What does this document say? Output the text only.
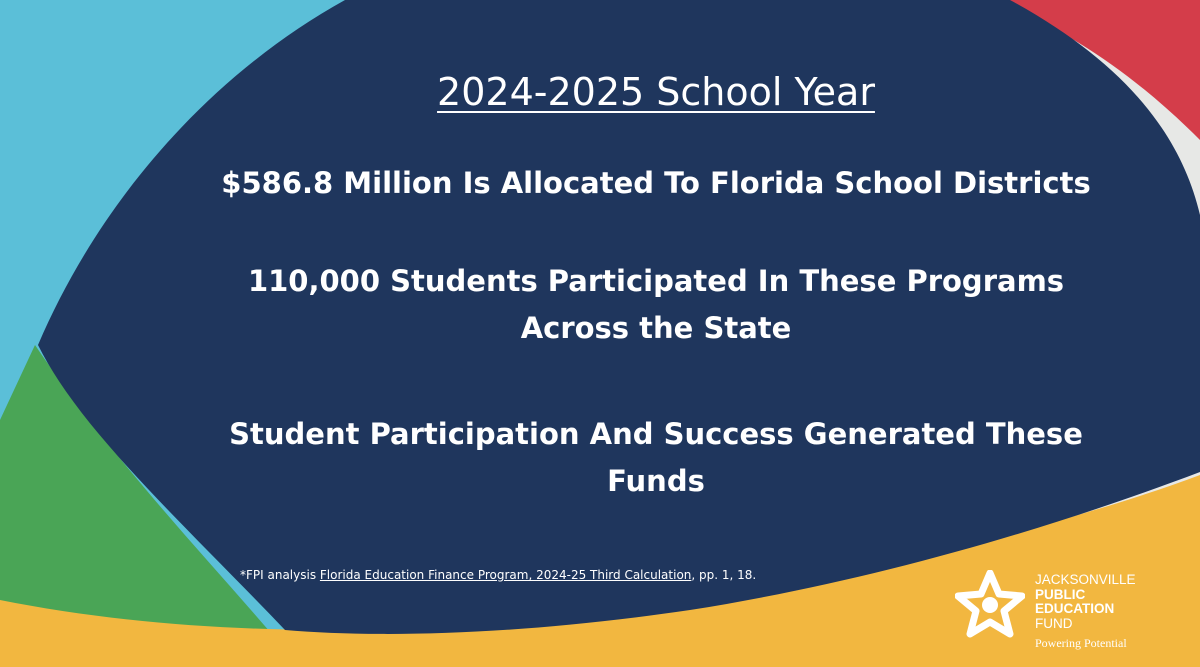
2024-2025 School Year

$586.8 Million Is Allocated To Florida School Districts

110,000 Students Participated In These Programs Across the State

Student Participation And Success Generated These Funds

*FPI analysis Florida Education Finance Program, 2024-25 Third Calculation, pp. 1, 18.	JACKSONVILLE
PUBLIC
EDUCATION
FUND
Powering Potential
